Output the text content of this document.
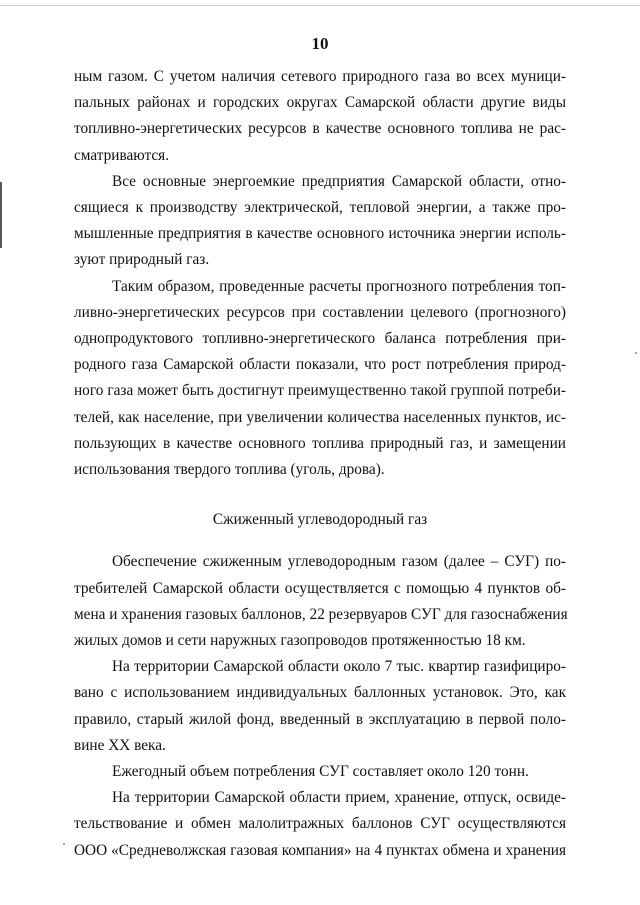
10
ным газом. С учетом наличия сетевого природного газа во всех муници-
пальных районах и городских округах Самарской области другие виды
топливно-энергетических ресурсов в качестве основного топлива не рас-
сматриваются.
Все основные энергоемкие предприятия Самарской области, отно-
сящиеся к производству электрической, тепловой энергии, а также про-
мышленные предприятия в качестве основного источника энергии исполь-
зуют природный газ.
Таким образом, проведенные расчеты прогнозного потребления топ-
ливно-энергетических ресурсов при составлении целевого (прогнозного)
однопродуктового топливно-энергетического баланса потребления при-
родного газа Самарской области показали, что рост потребления природ-
ного газа может быть достигнут преимущественно такой группой потреби-
телей, как население, при увеличении количества населенных пунктов, ис-
пользующих в качестве основного топлива природный газ, и замещении
использования твердого топлива (уголь, дрова).
Сжиженный углеводородный газ
Обеспечение сжиженным углеводородным газом (далее – СУГ) по-
требителей Самарской области осуществляется с помощью 4 пунктов об-
мена и хранения газовых баллонов, 22 резервуаров СУГ для газоснабжения
жилых домов и сети наружных газопроводов протяженностью 18 км.
На территории Самарской области около 7 тыс. квартир газифициро-
вано с использованием индивидуальных баллонных установок. Это, как
правило, старый жилой фонд, введенный в эксплуатацию в первой поло-
вине XX века.
Ежегодный объем потребления СУГ составляет около 120 тонн.
На территории Самарской области прием, хранение, отпуск, освиде-
тельствование и обмен малолитражных баллонов СУГ осуществляются
ООО «Средневолжская газовая компания» на 4 пунктах обмена и хранения
